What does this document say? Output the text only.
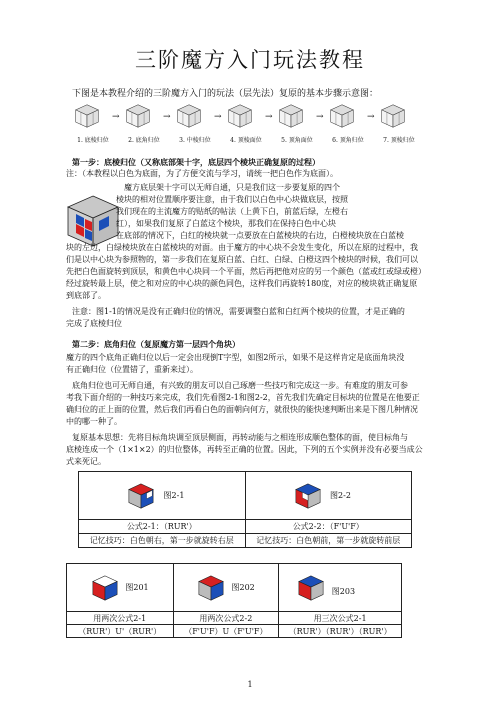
三阶魔方入门玩法教程
下图是本教程介绍的三阶魔方入门的玩法（层先法）复原的基本步骤示意图：
1. 底棱归位
→
2. 底角归位
→
3. 中棱归位
→
4. 顶棱面位
→
5. 顶角面位
→
6. 顶角归位
→
7. 顶棱归位
第一步：底棱归位（又称底部架十字，底层四个棱块正确复原的过程）
注：（本教程以白色为底面，为了方便交流与学习，请统一把白色作为底面）。
魔方底层架十字可以无师自通，只是我们这一步要复原的四个
棱块的相对位置顺序要注意，由于我们以白色中心块做底层，按照
我们现在的主流魔方的贴纸的帖法（上黄下白，前蓝后绿，左橙右
红），如果我们复原了白蓝这个棱块，那我们在保持白色中心块
在底部的情况下，白红的棱块就一点要放在白蓝棱块的右边，白橙棱块放在白蓝棱
块的左边，白绿棱块放在白蓝棱块的对面。由于魔方的中心块不会发生变化，所以在原的过程中，我
们是以中心块为参照物的，第一步我们在复原白蓝、白红、白绿、白橙这四个棱块的时候，我们可以
先把白色面旋转到顶层，和黄色中心块同一个平面，然后再把他对应的另一个颜色（蓝或红或绿或橙）
经过旋转最上层，使之和对应的中心块的颜色同色，这样我们再旋转180度，对应的棱块就正确复原
到底部了。
注意：图1-1的情况是没有正确归位的情况，需要调整白蓝和白红两个棱块的位置，才是正确的
完成了底棱归位
第二步：底角归位（复原魔方第一层四个角块）
魔方的四个底角正确归位以后一定会出现倒T字型，如图2所示，如果不是这样肯定是底面角块没
有正确归位（位置错了，重新来过）。
底角归位也可无师自通，有兴致的朋友可以自己琢磨一些技巧和完成这一步。有难度的朋友可参
考我下面介绍的一种技巧来完成，我们先看图2-1和图2-2，首先我们先确定目标块的位置是在他要正
确归位的正上面的位置，然后我们再看白色的面朝向何方，就很快的能快速判断出来是下图几种情况
中的哪一种了。
复原基本思想：先将目标角块调至顶层侧面，再转动能与之相连形成顺色整体的面，使目标角与
底棱连成一个（1×1×2）的归位整体，再转至正确的位置。因此，下列的五个实例并没有必要当成公
式来死记。
图2-1	图2-2
公式2-1：（RUR'）	公式2-2：（F'U'F）
记忆技巧：白色朝右，第一步就旋转右层	记忆技巧：白色朝前，第一步就旋转前层
图201	图202	图203
用两次公式2-1	用两次公式2-2	用三次公式2-1
（RUR'）U'（RUR'）	（F'U'F）U（F'U'F）	（RUR'）（RUR'）（RUR'）
1
